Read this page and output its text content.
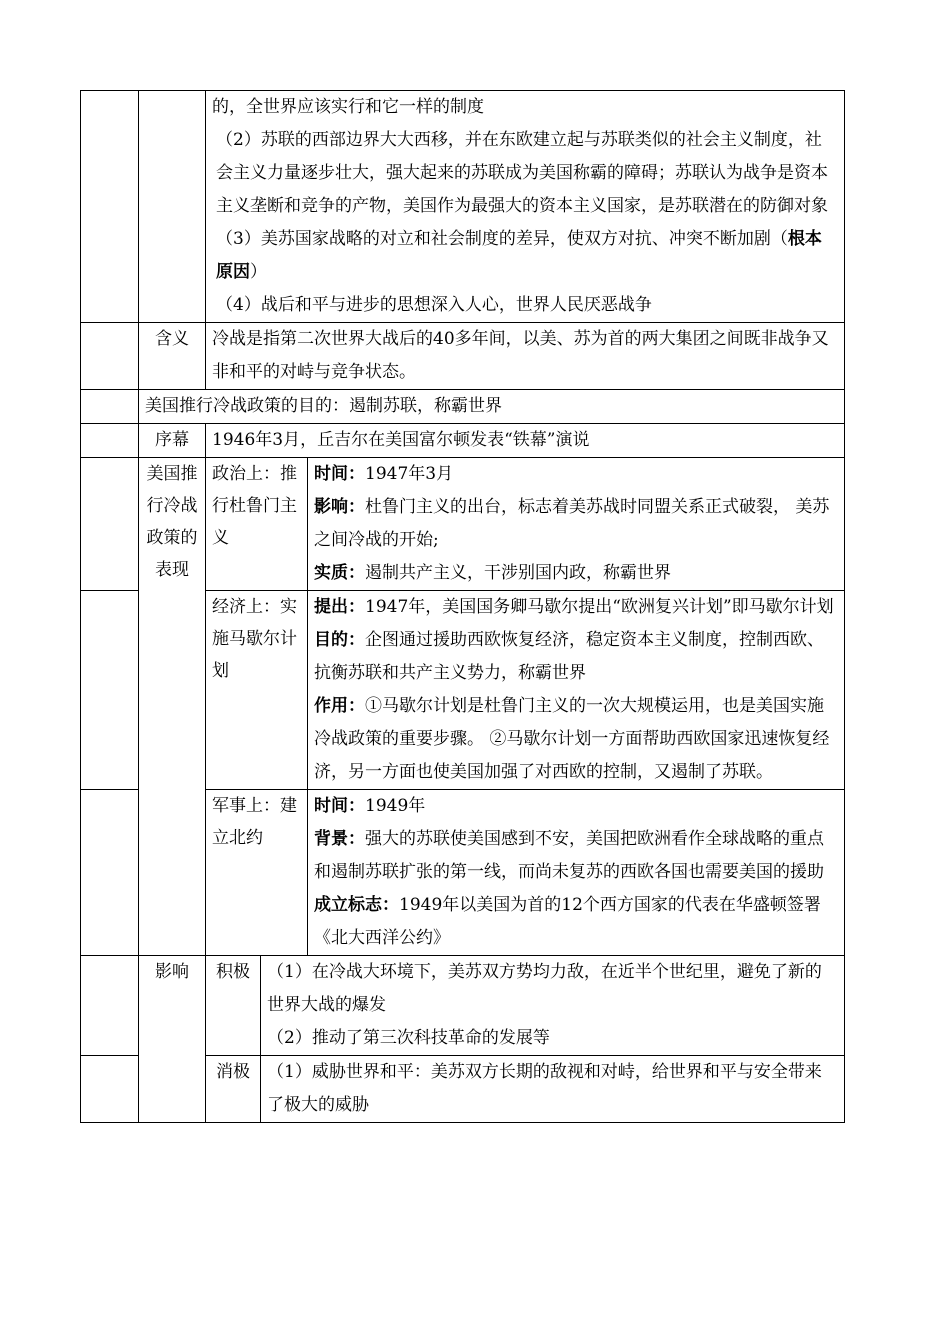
		的，全世界应该实行和它一样的制度
（2）苏联的西部边界大大西移，并在东欧建立起与苏联类似的社会主义制度，社会主义力量逐步壮大，强大起来的苏联成为美国称霸的障碍；苏联认为战争是资本主义垄断和竞争的产物，美国作为最强大的资本主义国家，是苏联潜在的防御对象
（3）美苏国家战略的对立和社会制度的差异，使双方对抗、冲突不断加剧（根本原因）
（4）战后和平与进步的思想深入人心，世界人民厌恶战争		

	含义	冷战是指第二次世界大战后的40多年间，以美、苏为首的两大集团之间既非战争又非和平的对峙与竞争状态。		
	美国推行冷战政策的目的：遏制苏联，称霸世界			
	序幕	1946年3月，丘吉尔在美国富尔顿发表“铁幕”演说		
	美国推行冷战政策的表现	政治上：推行杜鲁门主义		时间：1947年3月
影响：杜鲁门主义的出台，标志着美苏战时同盟关系正式破裂， 美苏之间冷战的开始;
实质：遏制共产主义，干涉别国内政，称霸世界

		经济上：实施马歇尔计划		提出：1947年，美国国务卿马歇尔提出“欧洲复兴计划”即马歇尔计划
目的：企图通过援助西欧恢复经济，稳定资本主义制度，控制西欧、抗衡苏联和共产主义势力，称霸世界
作用：①马歇尔计划是杜鲁门主义的一次大规模运用，也是美国实施冷战政策的重要步骤。 ②马歇尔计划一方面帮助西欧国家迅速恢复经济，另一方面也使美国加强了对西欧的控制，又遏制了苏联。

		军事上：建立北约		时间：1949年
背景：强大的苏联使美国感到不安，美国把欧洲看作全球战略的重点和遏制苏联扩张的第一线，而尚未复苏的西欧各国也需要美国的援助
成立标志：1949年以美国为首的12个西方国家的代表在华盛顿签署《北大西洋公约》

	影响	积极	（1）在冷战大环境下，美苏双方势均力敌，在近半个世纪里，避免了新的世界大战的爆发
（2）推动了第三次科技革命的发展等	

		消极	（1）威胁世界和平：美苏双方长期的敌视和对峙，给世界和平与安全带来了极大的威胁	
